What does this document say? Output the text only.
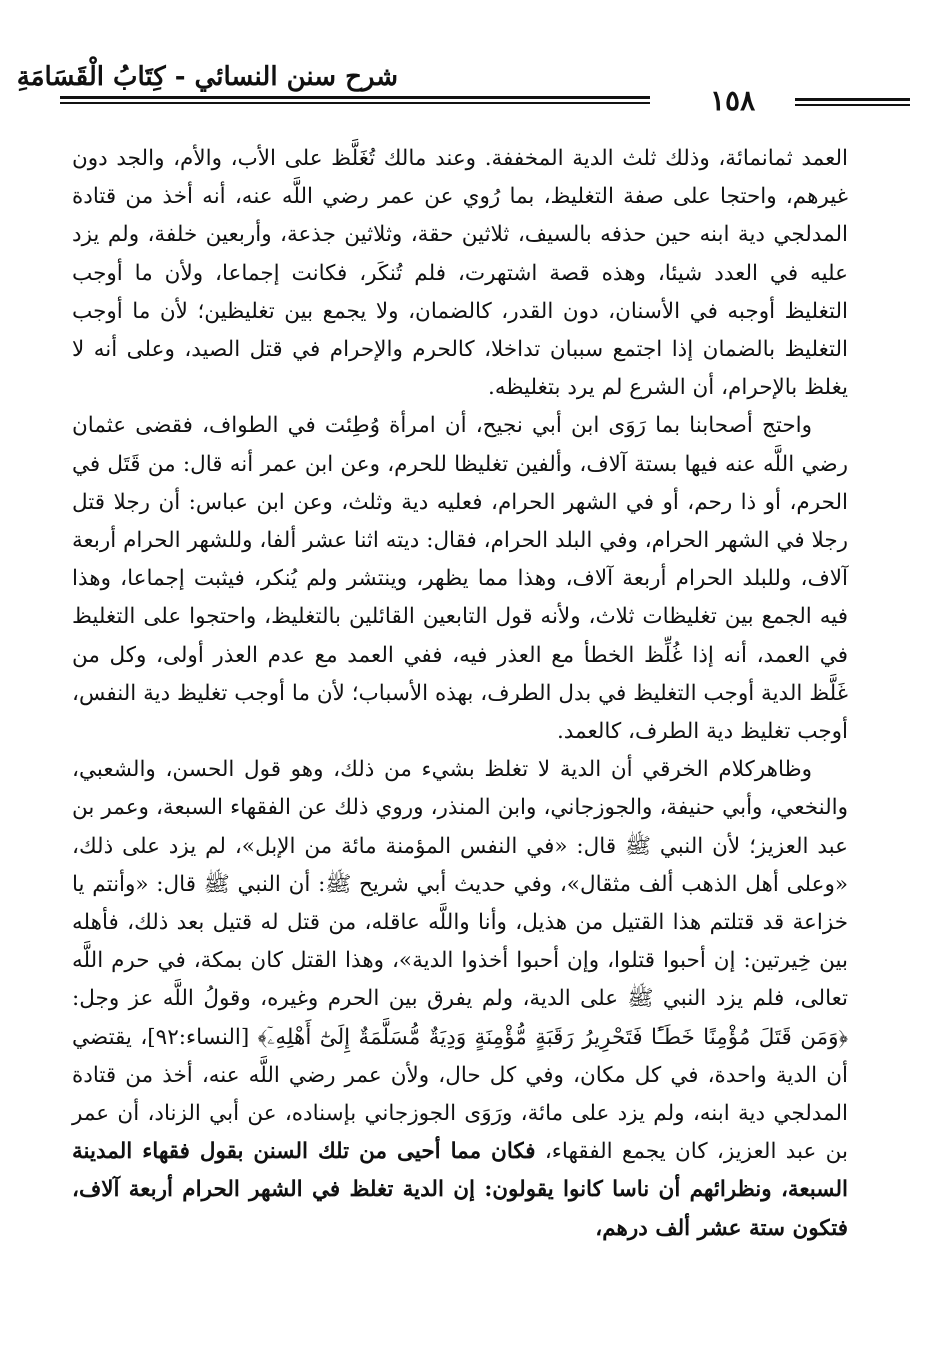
شرح سنن النسائي - كِتَابُ الْقَسَامَةِ
١٥٨

العمد ثمانمائة، وذلك ثلث الدية المخففة. وعند مالك تُغَلَّظ على الأب، والأم، والجد دون غيرهم، واحتجا على صفة التغليظ، بما رُوي عن عمر رضي اللَّه عنه، أنه أخذ من قتادة المدلجي دية ابنه حين حذفه بالسيف، ثلاثين حقة، وثلاثين جذعة، وأربعين خلفة، ولم يزد عليه في العدد شيئا، وهذه قصة اشتهرت، فلم تُنكَر، فكانت إجماعا، ولأن ما أوجب التغليظ أوجبه في الأسنان، دون القدر، كالضمان، ولا يجمع بين تغليظين؛ لأن ما أوجب التغليظ بالضمان إذا اجتمع سببان تداخلا، كالحرم والإحرام في قتل الصيد، وعلى أنه لا يغلظ بالإحرام، أن الشرع لم يرد بتغليظه.

واحتج أصحابنا بما رَوَى ابن أبي نجيح، أن امرأة وُطِئت في الطواف، فقضى عثمان رضي اللَّه عنه فيها بستة آلاف، وألفين تغليظا للحرم، وعن ابن عمر أنه قال: من قَتَل في الحرم، أو ذا رحم، أو في الشهر الحرام، فعليه دية وثلث، وعن ابن عباس: أن رجلا قتل رجلا في الشهر الحرام، وفي البلد الحرام، فقال: ديته اثنا عشر ألفا، وللشهر الحرام أربعة آلاف، وللبلد الحرام أربعة آلاف، وهذا مما يظهر، وينتشر ولم يُنكر، فيثبت إجماعا، وهذا فيه الجمع بين تغليظات ثلاث، ولأنه قول التابعين القائلين بالتغليظ، واحتجوا على التغليظ في العمد، أنه إذا غُلِّظ الخطأ مع العذر فيه، ففي العمد مع عدم العذر أولى، وكل من غَلَّظ الدية أوجب التغليظ في بدل الطرف، بهذه الأسباب؛ لأن ما أوجب تغليظ دية النفس، أوجب تغليظ دية الطرف، كالعمد.

وظاهركلام الخرقي أن الدية لا تغلظ بشيء من ذلك، وهو قول الحسن، والشعبي، والنخعي، وأبي حنيفة، والجوزجاني، وابن المنذر، وروي ذلك عن الفقهاء السبعة، وعمر بن عبد العزيز؛ لأن النبي ﷺ قال: «في النفس المؤمنة مائة من الإبل»، لم يزد على ذلك، «وعلى أهل الذهب ألف مثقال»، وفي حديث أبي شريح ﷺ: أن النبي ﷺ قال: «وأنتم يا خزاعة قد قتلتم هذا القتيل من هذيل، وأنا واللَّه عاقله، من قتل له قتيل بعد ذلك، فأهله بين خِيرتين: إن أحبوا قتلوا، وإن أحبوا أخذوا الدية»، وهذا القتل كان بمكة، في حرم اللَّه تعالى، فلم يزد النبي ﷺ على الدية، ولم يفرق بين الحرم وغيره، وقولُ اللَّه عز وجل: ﴿وَمَن قَتَلَ مُؤْمِنًا خَطَـًٔا فَتَحْرِيرُ رَقَبَةٍ مُّؤْمِنَةٍ وَدِيَةٌ مُّسَلَّمَةٌ إِلَىٰٓ أَهْلِهِۦٓ﴾ [النساء:٩٢]، يقتضي أن الدية واحدة، في كل مكان، وفي كل حال، ولأن عمر رضي اللَّه عنه، أخذ من قتادة المدلجي دية ابنه، ولم يزد على مائة، ورَوَى الجوزجاني بإسناده، عن أبي الزناد، أن عمر بن عبد العزيز، كان يجمع الفقهاء، فكان مما أحيى من تلك السنن بقول فقهاء المدينة السبعة، ونظرائهم أن ناسا كانوا يقولون: إن الدية تغلظ في الشهر الحرام أربعة آلاف، فتكون ستة عشر ألف درهم،
